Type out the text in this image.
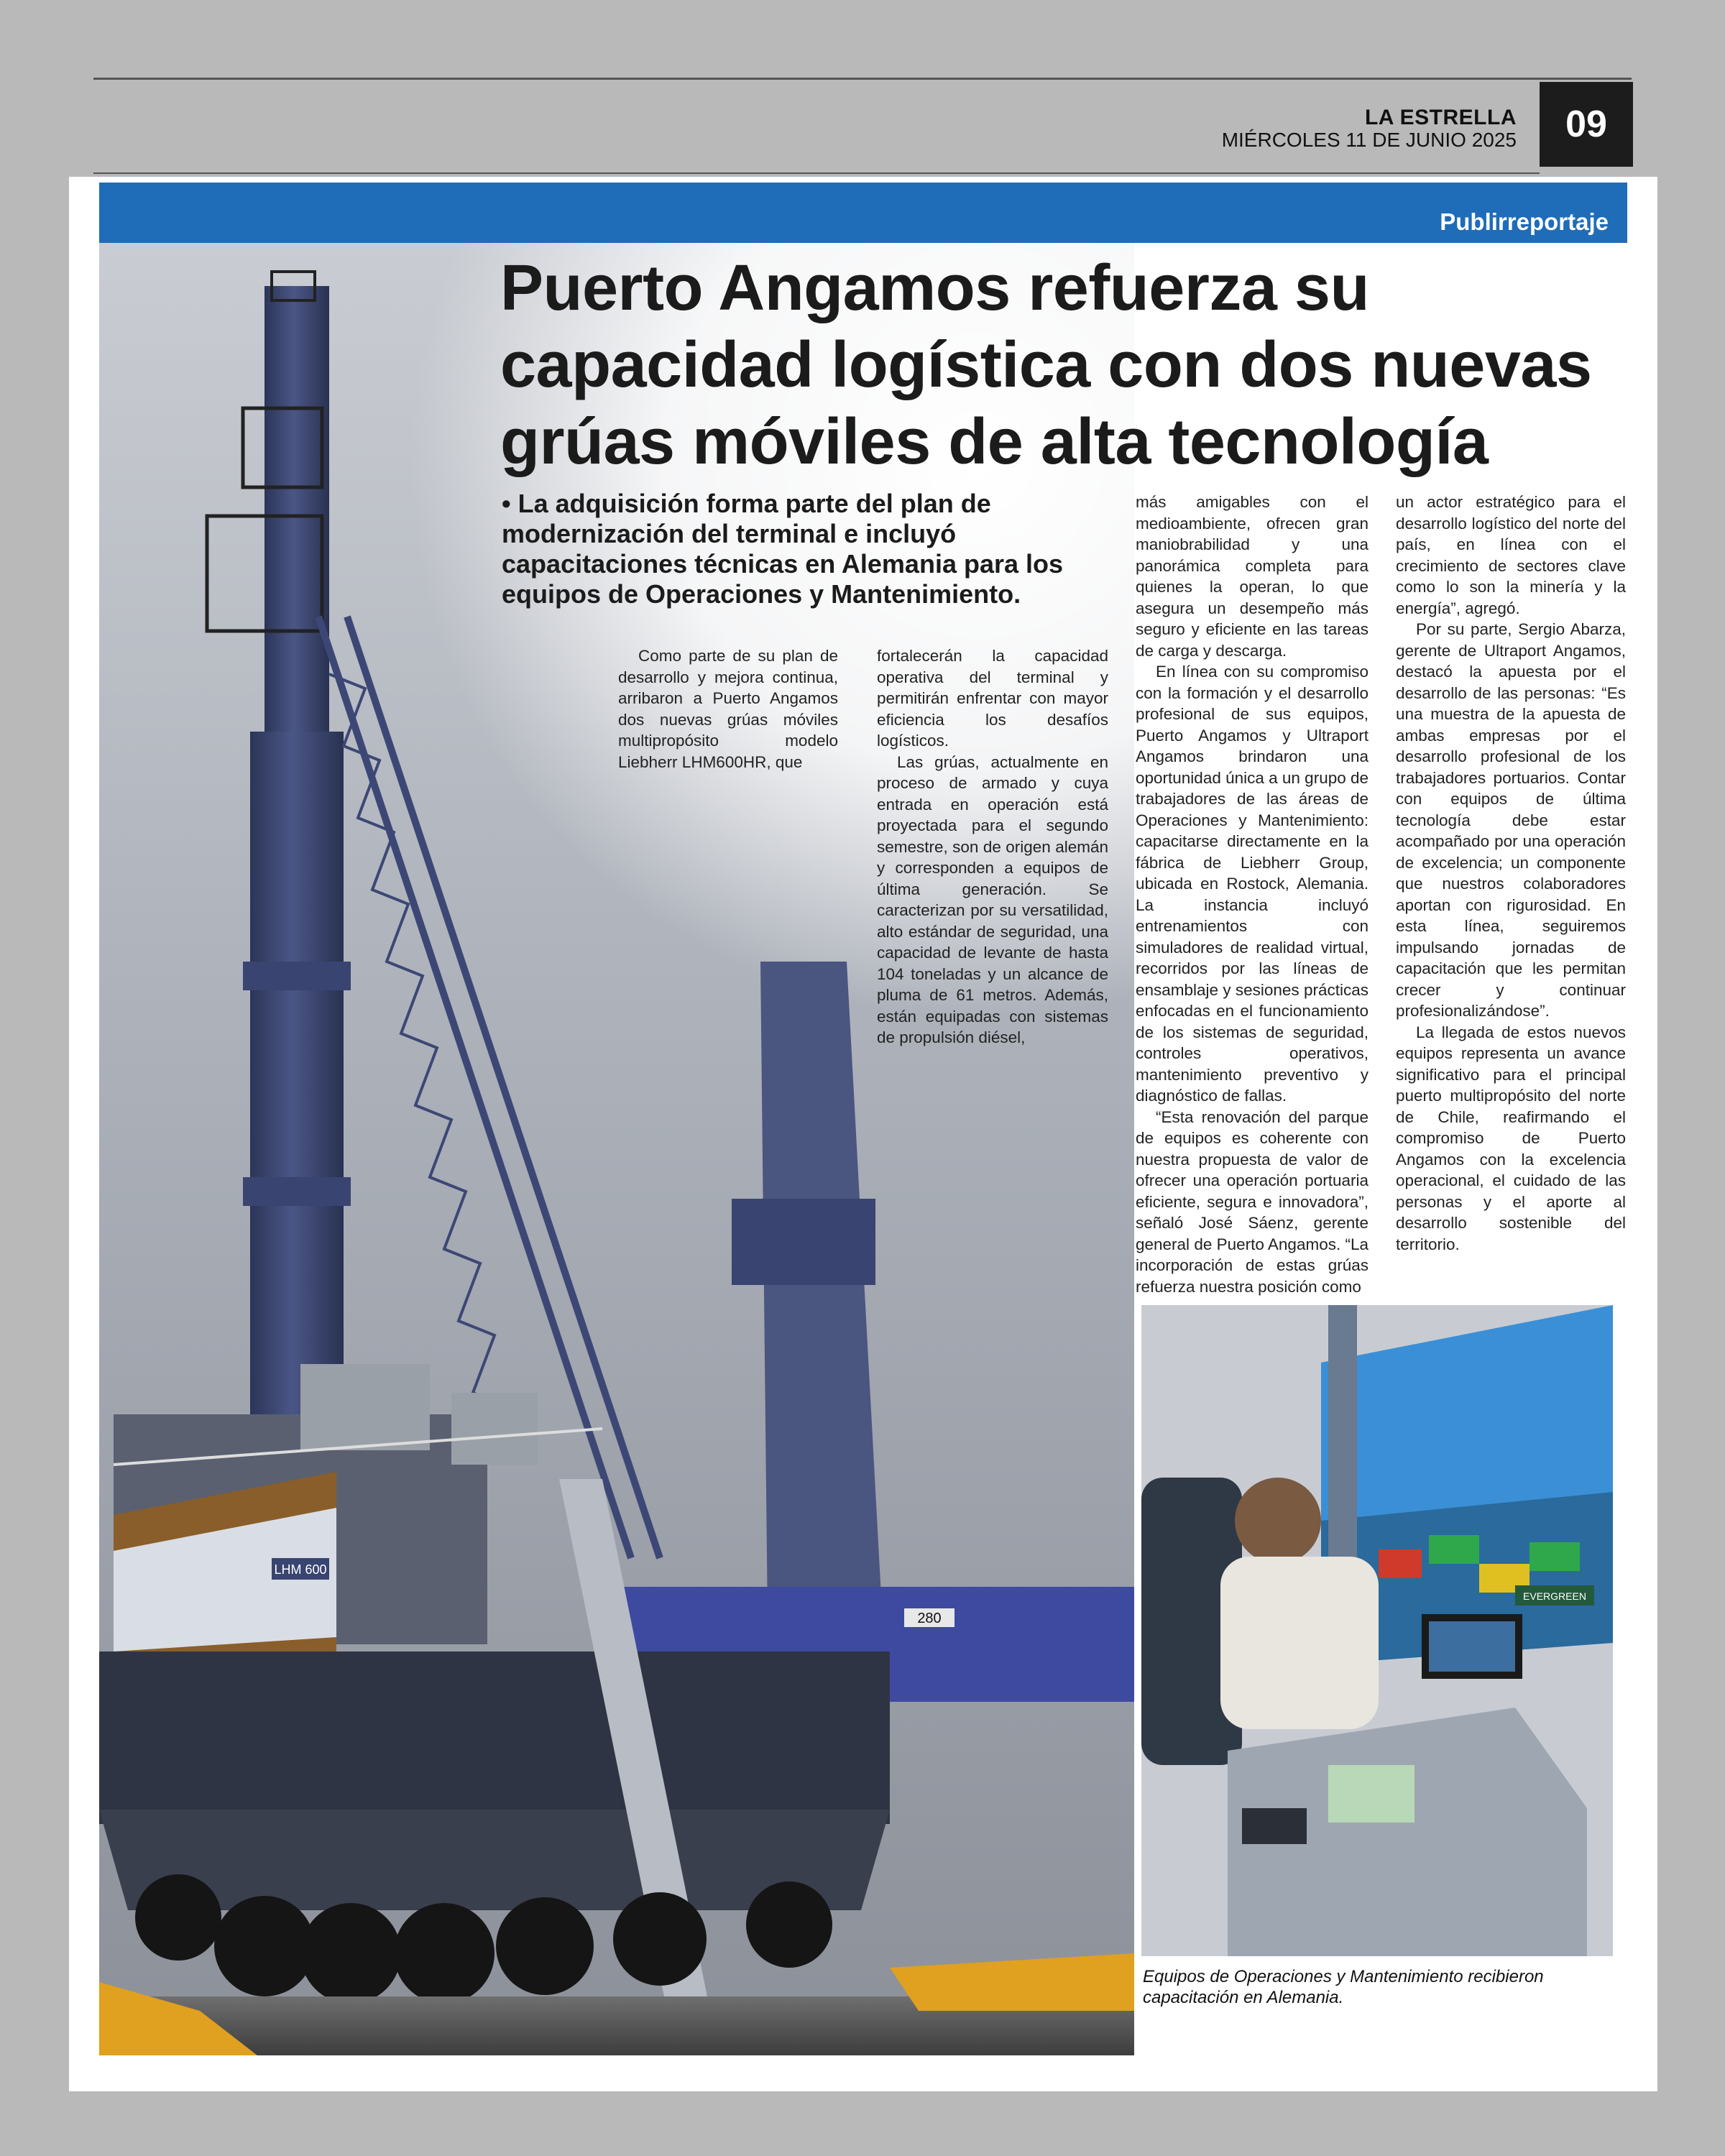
LA ESTRELLA
MIÉRCOLES 11 DE JUNIO 2025	09
Publirreportaje
280
LHM 600
Puerto Angamos refuerza su capacidad logística con dos nuevas grúas móviles de alta tecnología

• La adquisición forma parte del plan de modernización del terminal e incluyó capacitaciones técnicas en Alemania para los equipos de Operaciones y Mantenimiento.

Como parte de su plan de desarrollo y mejora continua, arribaron a Puerto Angamos dos nuevas grúas móviles multipropósito modelo Liebherr LHM600HR, que

fortalecerán la capacidad operativa del terminal y permitirán enfrentar con mayor eficiencia los desafíos logísticos.

Las grúas, actualmente en proceso de armado y cuya entrada en operación está proyectada para el segundo semestre, son de origen alemán y corresponden a equipos de última generación. Se caracterizan por su versatilidad, alto estándar de seguridad, una capacidad de levante de hasta 104 toneladas y un alcance de pluma de 61 metros. Además, están equipadas con sistemas de propulsión diésel,

más amigables con el medioambiente, ofrecen gran maniobrabilidad y una panorámica completa para quienes la operan, lo que asegura un desempeño más seguro y eficiente en las tareas de carga y descarga.

En línea con su compromiso con la formación y el desarrollo profesional de sus equipos, Puerto Angamos y Ultraport Angamos brindaron una oportunidad única a un grupo de trabajadores de las áreas de Operaciones y Mantenimiento: capacitarse directamente en la fábrica de Liebherr Group, ubicada en Rostock, Alemania. La instancia incluyó entrenamientos con simuladores de realidad virtual, recorridos por las líneas de ensamblaje y sesiones prácticas enfocadas en el funcionamiento de los sistemas de seguridad, controles operativos, mantenimiento preventivo y diagnóstico de fallas.

“Esta renovación del parque de equipos es coherente con nuestra propuesta de valor de ofrecer una operación portuaria eficiente, segura e innovadora”, señaló José Sáenz, gerente general de Puerto Angamos. “La incorporación de estas grúas refuerza nuestra posición como

un actor estratégico para el desarrollo logístico del norte del país, en línea con el crecimiento de sectores clave como lo son la minería y la energía”, agregó.

Por su parte, Sergio Abarza, gerente de Ultraport Angamos, destacó la apuesta por el desarrollo de las personas: “Es una muestra de la apuesta de ambas empresas por el desarrollo profesional de los trabajadores portuarios. Contar con equipos de última tecnología debe estar acompañado por una operación de excelencia; un componente que nuestros colaboradores aportan con rigurosidad. En esta línea, seguiremos impulsando jornadas de capacitación que les permitan crecer y continuar profesionalizándose”.

La llegada de estos nuevos equipos representa un avance significativo para el principal puerto multipropósito del norte de Chile, reafirmando el compromiso de Puerto Angamos con la excelencia operacional, el cuidado de las personas y el aporte al desarrollo sostenible del territorio.

EVERGREEN
Equipos de Operaciones y Mantenimiento recibieron capacitación en Alemania.
